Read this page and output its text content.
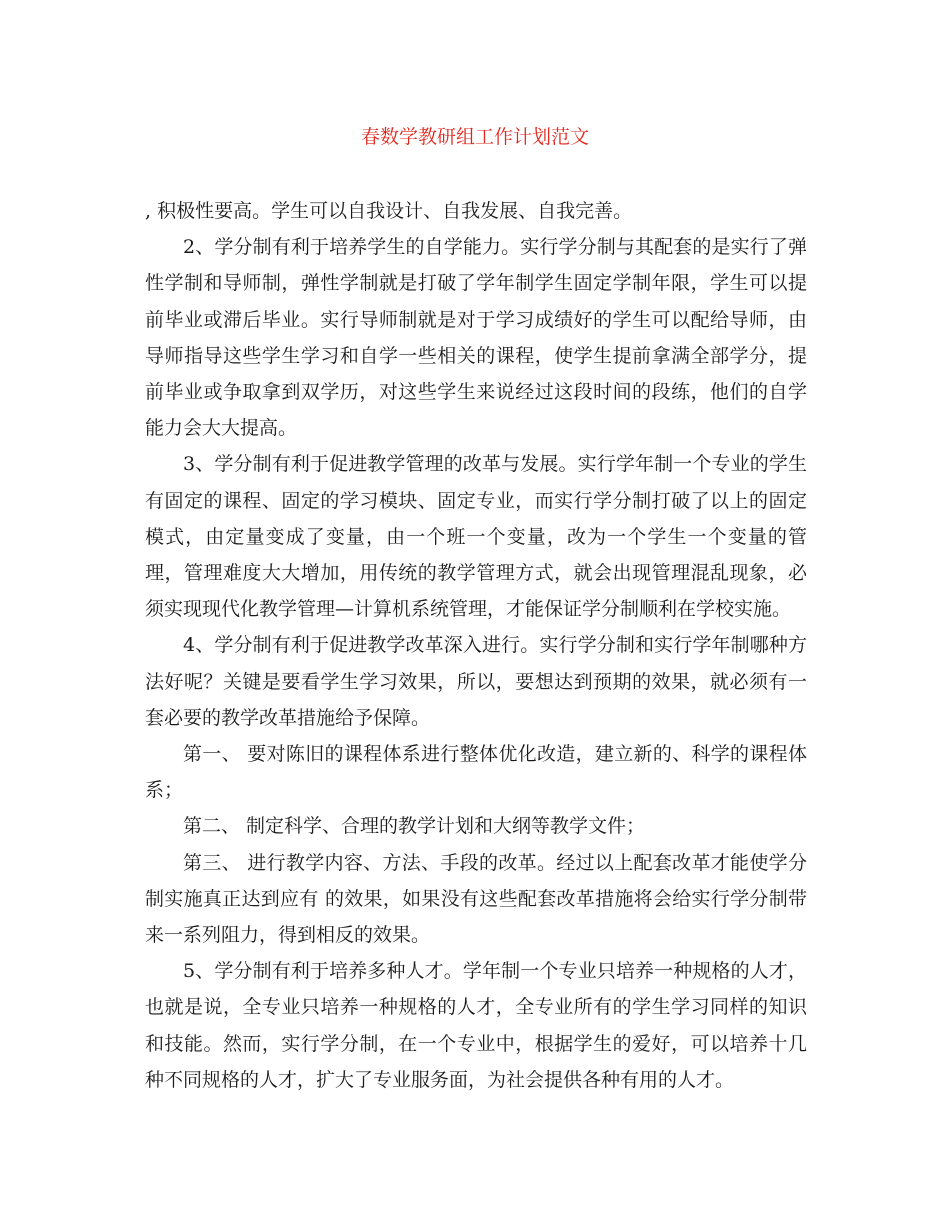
春数学教研组工作计划范文

, 积极性要高。学生可以自我设计、自我发展、自我完善。

2、学分制有利于培养学生的自学能力。实行学分制与其配套的是实行了弹性学制和导师制，弹性学制就是打破了学年制学生固定学制年限，学生可以提前毕业或滞后毕业。实行导师制就是对于学习成绩好的学生可以配给导师，由导师指导这些学生学习和自学一些相关的课程，使学生提前拿满全部学分，提前毕业或争取拿到双学历，对这些学生来说经过这段时间的段练，他们的自学能力会大大提高。

3、学分制有利于促进教学管理的改革与发展。实行学年制一个专业的学生有固定的课程、固定的学习模块、固定专业，而实行学分制打破了以上的固定模式，由定量变成了变量，由一个班一个变量，改为一个学生一个变量的管理，管理难度大大增加，用传统的教学管理方式，就会出现管理混乱现象，必须实现现代化教学管理—计算机系统管理，才能保证学分制顺利在学校实施。

4、学分制有利于促进教学改革深入进行。实行学分制和实行学年制哪种方法好呢？关键是要看学生学习效果，所以，要想达到预期的效果，就必须有一套必要的教学改革措施给予保障。

第一、 要对陈旧的课程体系进行整体优化改造，建立新的、科学的课程体系；

第二、 制定科学、合理的教学计划和大纲等教学文件；

第三、 进行教学内容、方法、手段的改革。经过以上配套改革才能使学分制实施真正达到应有 的效果，如果没有这些配套改革措施将会给实行学分制带来一系列阻力，得到相反的效果。

5、学分制有利于培养多种人才。学年制一个专业只培养一种规格的人才，也就是说，全专业只培养一种规格的人才，全专业所有的学生学习同样的知识和技能。然而，实行学分制，在一个专业中，根据学生的爱好，可以培养十几种不同规格的人才，扩大了专业服务面，为社会提供各种有用的人才。
